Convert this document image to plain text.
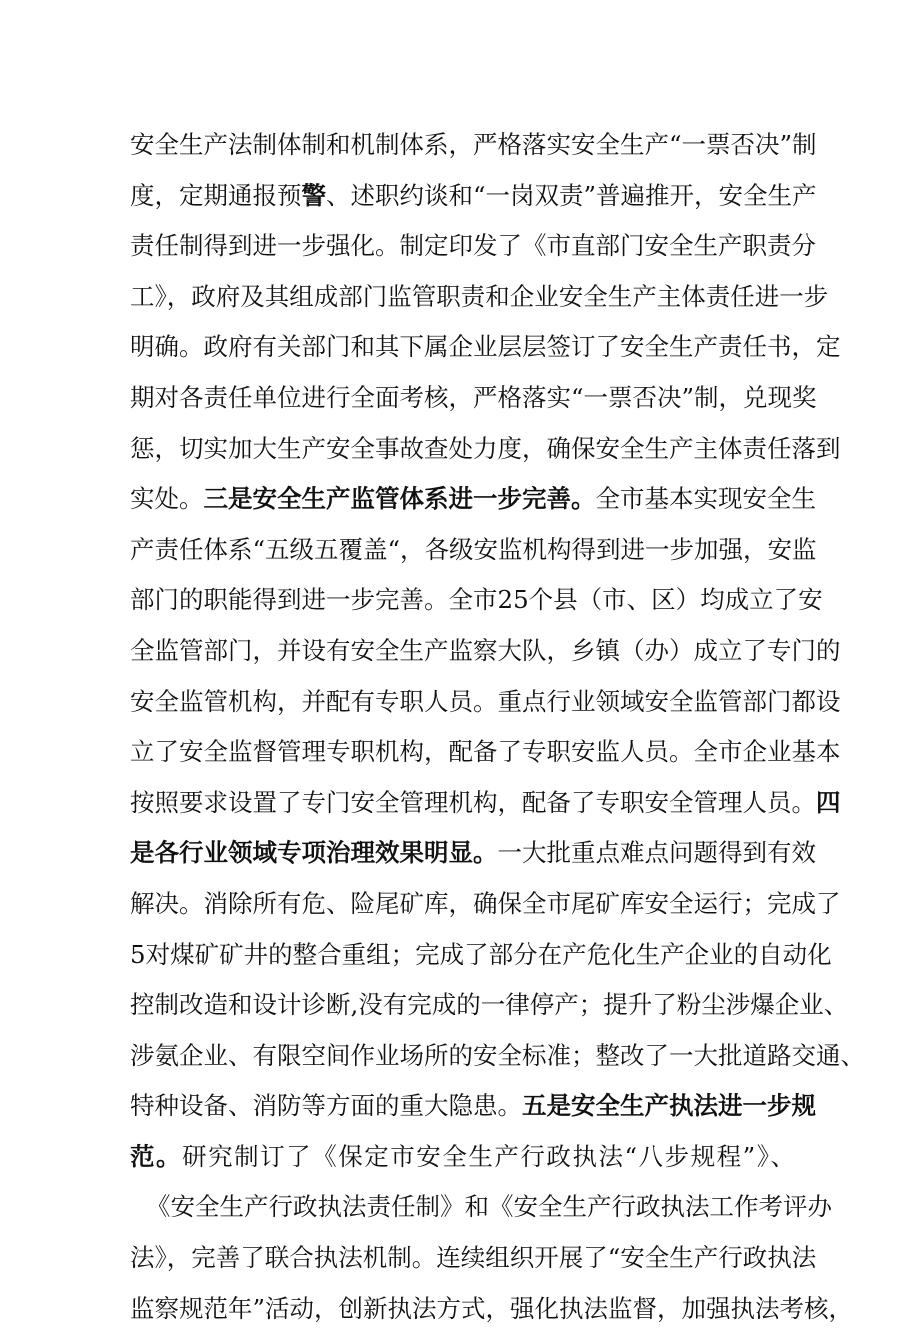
安全生产法制体制和机制体系，严格落实安全生产“一票否决”制
度，定期通报预警、述职约谈和“一岗双责”普遍推开，安全生产
责任制得到进一步强化。制定印发了《市直部门安全生产职责分
工》，政府及其组成部门监管职责和企业安全生产主体责任进一步
明确。政府有关部门和其下属企业层层签订了安全生产责任书，定
期对各责任单位进行全面考核，严格落实“一票否决”制，兑现奖
惩，切实加大生产安全事故查处力度，确保安全生产主体责任落到
实处。三是安全生产监管体系进一步完善。全市基本实现安全生
产责任体系“五级五覆盖“，各级安监机构得到进一步加强，安监
部门的职能得到进一步完善。全市25个县（市、区）均成立了安
全监管部门，并设有安全生产监察大队，乡镇（办）成立了专门的
安全监管机构，并配有专职人员。重点行业领域安全监管部门都设
立了安全监督管理专职机构，配备了专职安监人员。全市企业基本
按照要求设置了专门安全管理机构，配备了专职安全管理人员。四
是各行业领域专项治理效果明显。一大批重点难点问题得到有效
解决。消除所有危、险尾矿库，确保全市尾矿库安全运行；完成了
5对煤矿矿井的整合重组；完成了部分在产危化生产企业的自动化
控制改造和设计诊断,没有完成的一律停产；提升了粉尘涉爆企业、
涉氨企业、有限空间作业场所的安全标准；整改了一大批道路交通、
特种设备、消防等方面的重大隐患。五是安全生产执法进一步规
范。研究制订了《保定市安全生产行政执法“八步规程”》、
《安全生产行政执法责任制》和《安全生产行政执法工作考评办
法》，完善了联合执法机制。连续组织开展了“安全生产行政执法
监察规范年”活动，创新执法方式，强化执法监督，加强执法考核，
